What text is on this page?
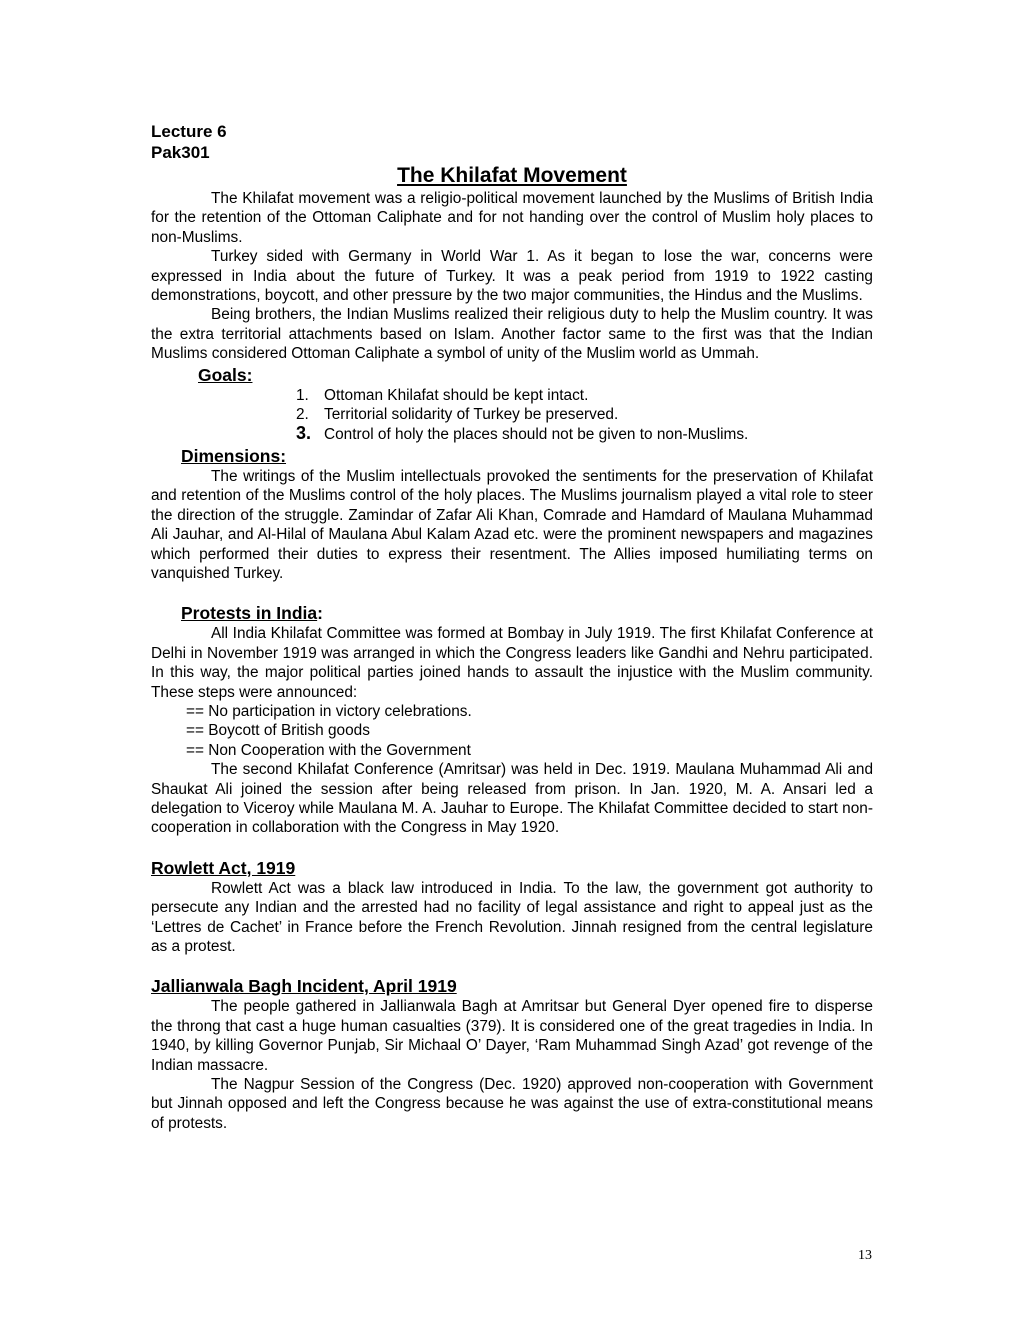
Lecture 6
Pak301
The Khilafat Movement

The Khilafat movement was a religio-political movement launched by the Muslims of British India for the retention of the Ottoman Caliphate and for not handing over the control of Muslim holy places to non-Muslims.

Turkey sided with Germany in World War 1. As it began to lose the war, concerns were expressed in India about the future of Turkey. It was a peak period from 1919 to 1922 casting demonstrations, boycott, and other pressure by the two major communities, the Hindus and the Muslims.

Being brothers, the Indian Muslims realized their religious duty to help the Muslim country. It was the extra territorial attachments based on Islam. Another factor same to the first was that the Indian Muslims considered Ottoman Caliphate a symbol of unity of the Muslim world as Ummah.

Goals:
1. Ottoman Khilafat should be kept intact.
2. Territorial solidarity of Turkey be preserved.
3. Control of holy the places should not be given to non-Muslims.
Dimensions:

The writings of the Muslim intellectuals provoked the sentiments for the preservation of Khilafat and retention of the Muslims control of the holy places. The Muslims journalism played a vital role to steer the direction of the struggle. Zamindar of Zafar Ali Khan, Comrade and Hamdard of Maulana Muhammad Ali Jauhar, and Al-Hilal of Maulana Abul Kalam Azad etc. were the prominent newspapers and magazines which performed their duties to express their resentment. The Allies imposed humiliating terms on vanquished Turkey.

Protests in India:

All India Khilafat Committee was formed at Bombay in July 1919. The first Khilafat Conference at Delhi in November 1919 was arranged in which the Congress leaders like Gandhi and Nehru participated. In this way, the major political parties joined hands to assault the injustice with the Muslim community. These steps were announced:

== No participation in victory celebrations.
== Boycott of British goods
== Non Cooperation with the Government

The second Khilafat Conference (Amritsar) was held in Dec. 1919. Maulana Muhammad Ali and Shaukat Ali joined the session after being released from prison. In Jan. 1920, M. A. Ansari led a delegation to Viceroy while Maulana M. A. Jauhar to Europe. The Khilafat Committee decided to start non-cooperation in collaboration with the Congress in May 1920.

Rowlett Act, 1919

Rowlett Act was a black law introduced in India. To the law, the government got authority to persecute any Indian and the arrested had no facility of legal assistance and right to appeal just as the ‘Lettres de Cachet’ in France before the French Revolution. Jinnah resigned from the central legislature as a protest.

Jallianwala Bagh Incident, April 1919

The people gathered in Jallianwala Bagh at Amritsar but General Dyer opened fire to disperse the throng that cast a huge human casualties (379). It is considered one of the great tragedies in India. In 1940, by killing Governor Punjab, Sir Michaal O’ Dayer, ‘Ram Muhammad Singh Azad’ got revenge of the Indian massacre.

The Nagpur Session of the Congress (Dec. 1920) approved non-cooperation with Government but Jinnah opposed and left the Congress because he was against the use of extra-constitutional means of protests.

13
